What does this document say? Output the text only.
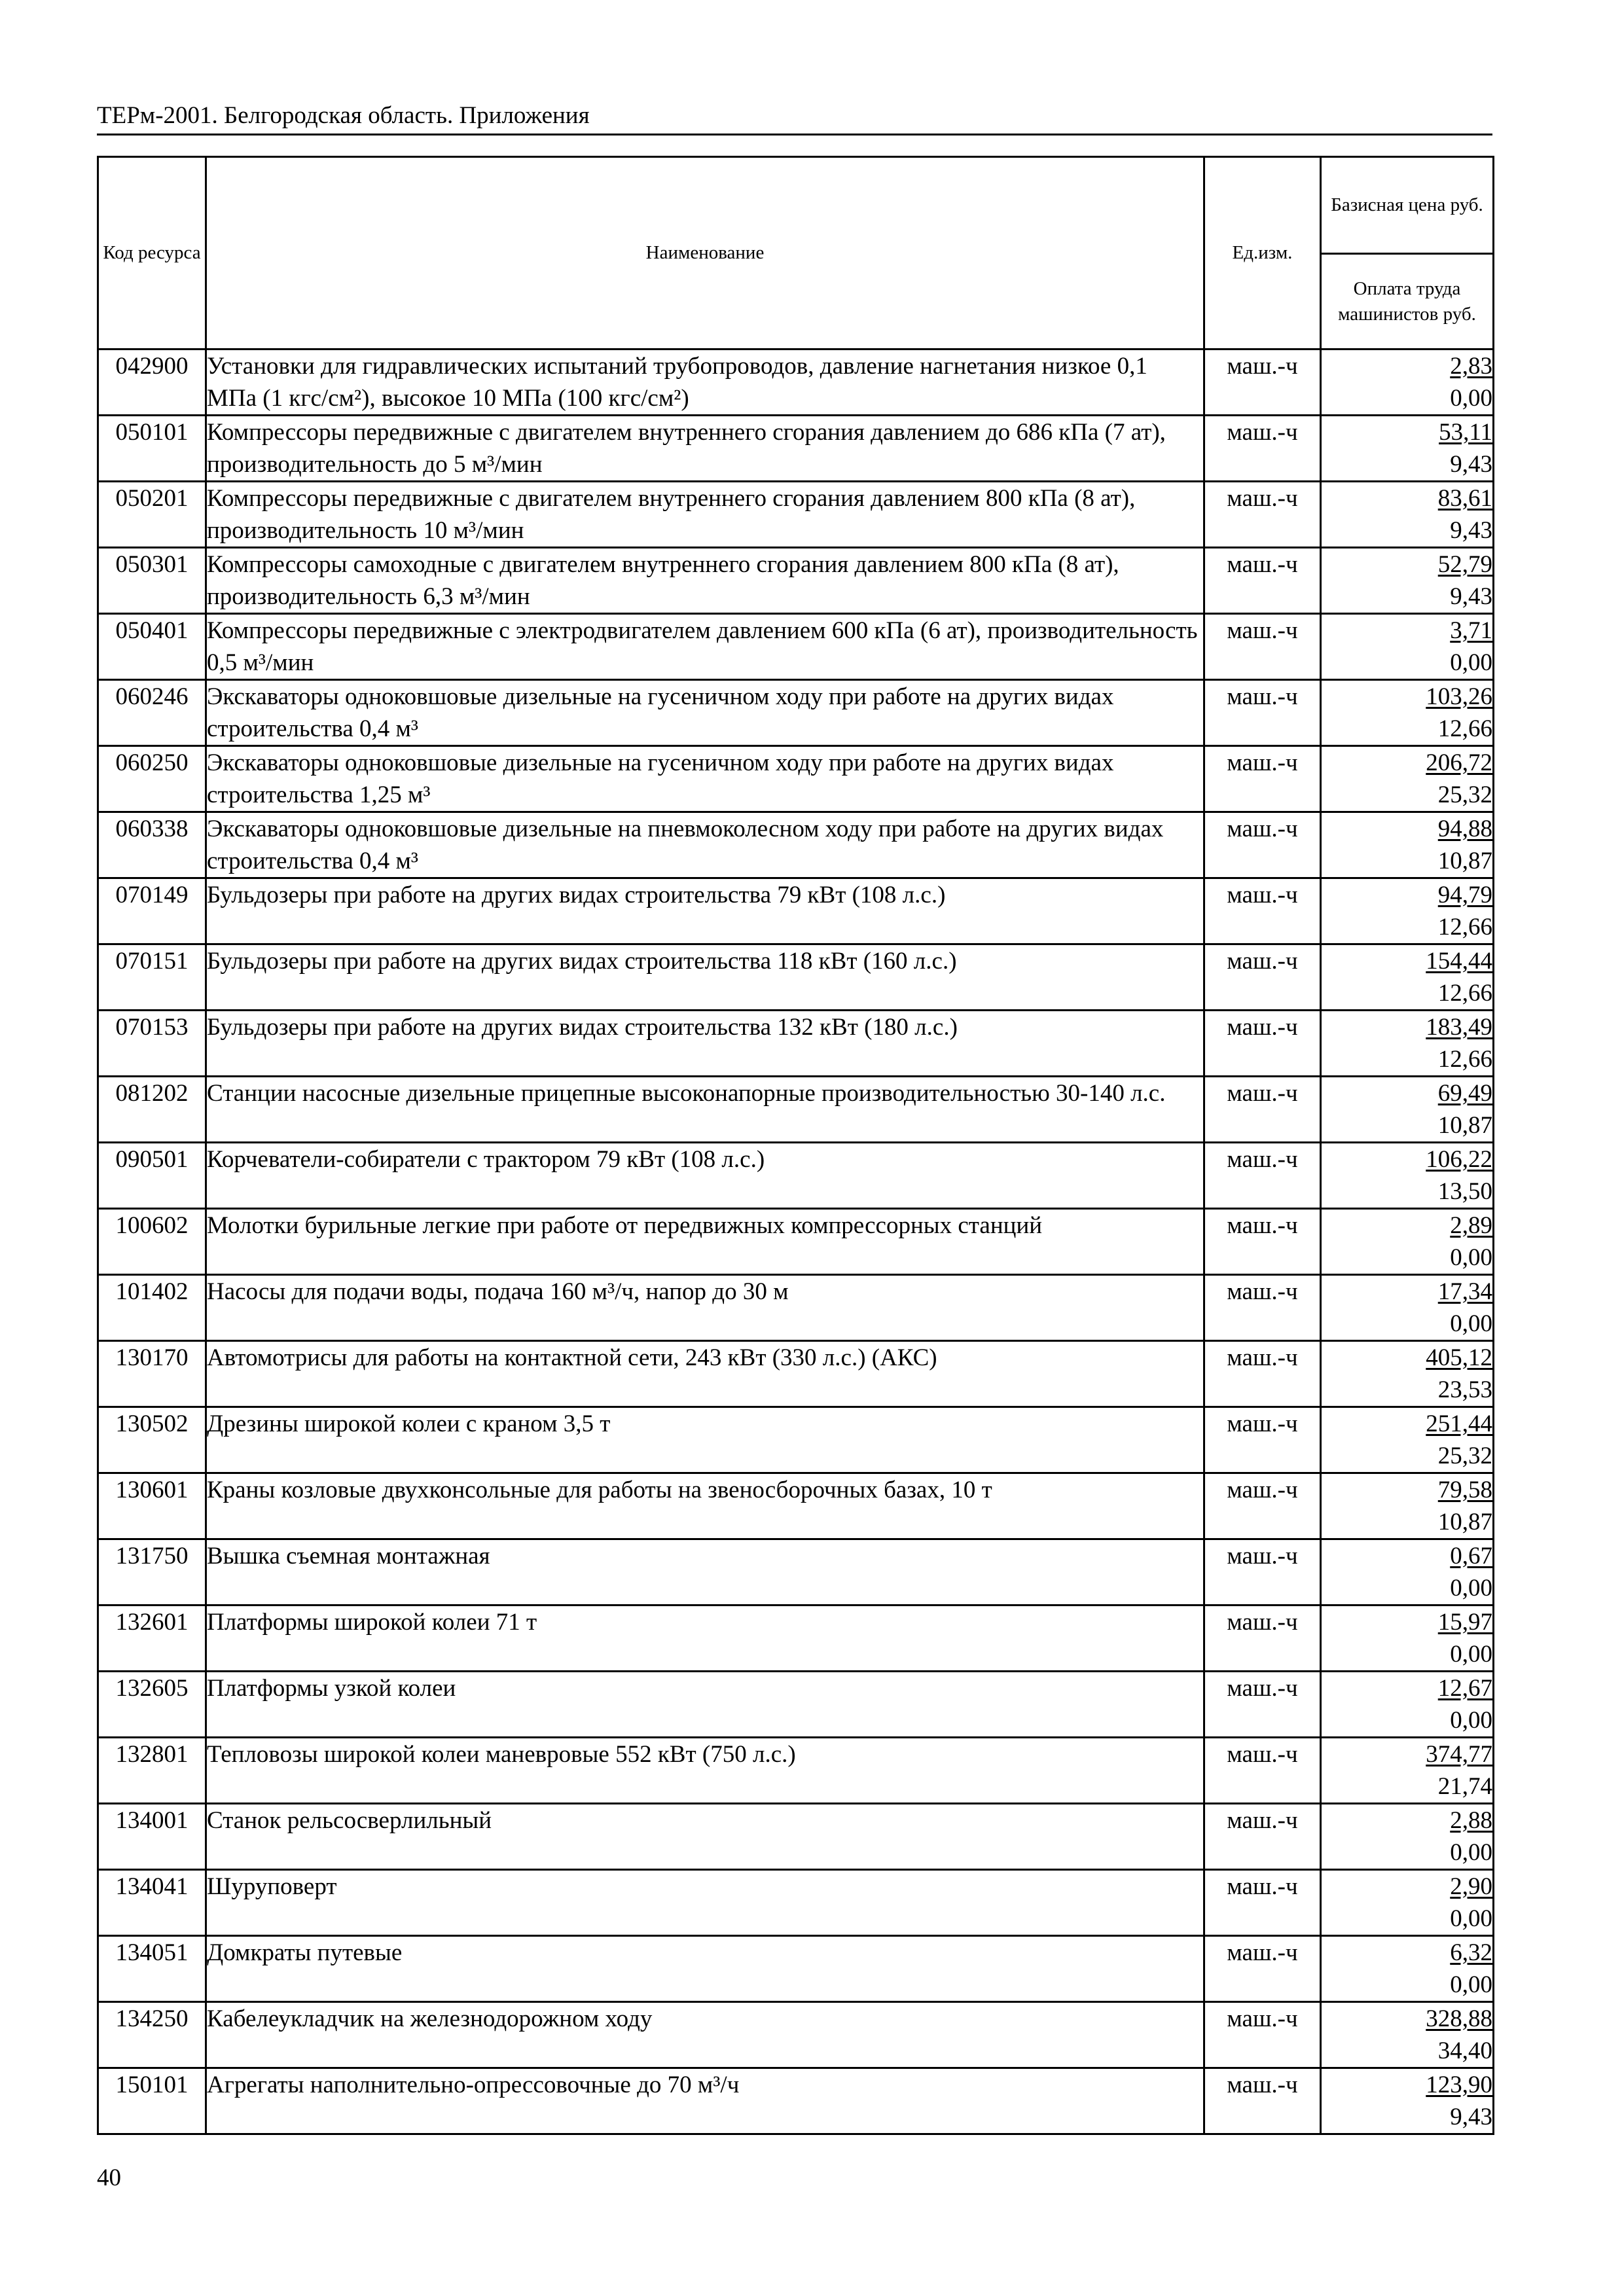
ТЕРм-2001. Белгородская область. Приложения
Код ресурса	Наименование	Ед.изм.	Базисная цена руб.
			Оплата труда машинистов руб.
042900	Установки для гидравлических испытаний трубопроводов, давление нагнетания низкое 0,1 МПа (1 кгс/см²), высокое 10 МПа (100 кгс/см²)	маш.-ч	2,83
0,00

050101	Компрессоры передвижные с двигателем внутреннего сгорания давлением до 686 кПа (7 ат), производительность до 5 м³/мин	маш.-ч	53,11
9,43

050201	Компрессоры передвижные с двигателем внутреннего сгорания давлением 800 кПа (8 ат), производительность 10 м³/мин	маш.-ч	83,61
9,43

050301	Компрессоры самоходные с двигателем внутреннего сгорания давлением 800 кПа (8 ат), производительность 6,3 м³/мин	маш.-ч	52,79
9,43

050401	Компрессоры передвижные с электродвигателем давлением 600 кПа (6 ат), производительность 0,5 м³/мин	маш.-ч	3,71
0,00

060246	Экскаваторы одноковшовые дизельные на гусеничном ходу при работе на других видах строительства 0,4 м³	маш.-ч	103,26
12,66

060250	Экскаваторы одноковшовые дизельные на гусеничном ходу при работе на других видах строительства 1,25 м³	маш.-ч	206,72
25,32

060338	Экскаваторы одноковшовые дизельные на пневмоколесном ходу при работе на других видах строительства 0,4 м³	маш.-ч	94,88
10,87

070149	Бульдозеры при работе на других видах строительства 79 кВт (108 л.с.)	маш.-ч	94,79
12,66

070151	Бульдозеры при работе на других видах строительства 118 кВт (160 л.с.)	маш.-ч	154,44
12,66

070153	Бульдозеры при работе на других видах строительства 132 кВт (180 л.с.)	маш.-ч	183,49
12,66

081202	Станции насосные дизельные прицепные высоконапорные производительностью 30-140 л.с.	маш.-ч	69,49
10,87

090501	Корчеватели-собиратели с трактором 79 кВт (108 л.с.)	маш.-ч	106,22
13,50

100602	Молотки бурильные легкие при работе от передвижных компрессорных станций	маш.-ч	2,89
0,00

101402	Насосы для подачи воды, подача 160 м³/ч, напор до 30 м	маш.-ч	17,34
0,00

130170	Автомотрисы для работы на контактной сети, 243 кВт (330 л.с.) (АКС)	маш.-ч	405,12
23,53

130502	Дрезины широкой колеи с краном 3,5 т	маш.-ч	251,44
25,32

130601	Краны козловые двухконсольные для работы на звеносборочных базах, 10 т	маш.-ч	79,58
10,87

131750	Вышка съемная монтажная	маш.-ч	0,67
0,00

132601	Платформы широкой колеи 71 т	маш.-ч	15,97
0,00

132605	Платформы узкой колеи	маш.-ч	12,67
0,00

132801	Тепловозы широкой колеи маневровые 552 кВт (750 л.с.)	маш.-ч	374,77
21,74

134001	Станок рельсосверлильный	маш.-ч	2,88
0,00

134041	Шуруповерт	маш.-ч	2,90
0,00

134051	Домкраты путевые	маш.-ч	6,32
0,00

134250	Кабелеукладчик на железнодорожном ходу	маш.-ч	328,88
34,40

150101	Агрегаты наполнительно-опрессовочные до 70 м³/ч	маш.-ч	123,90
9,43
40
